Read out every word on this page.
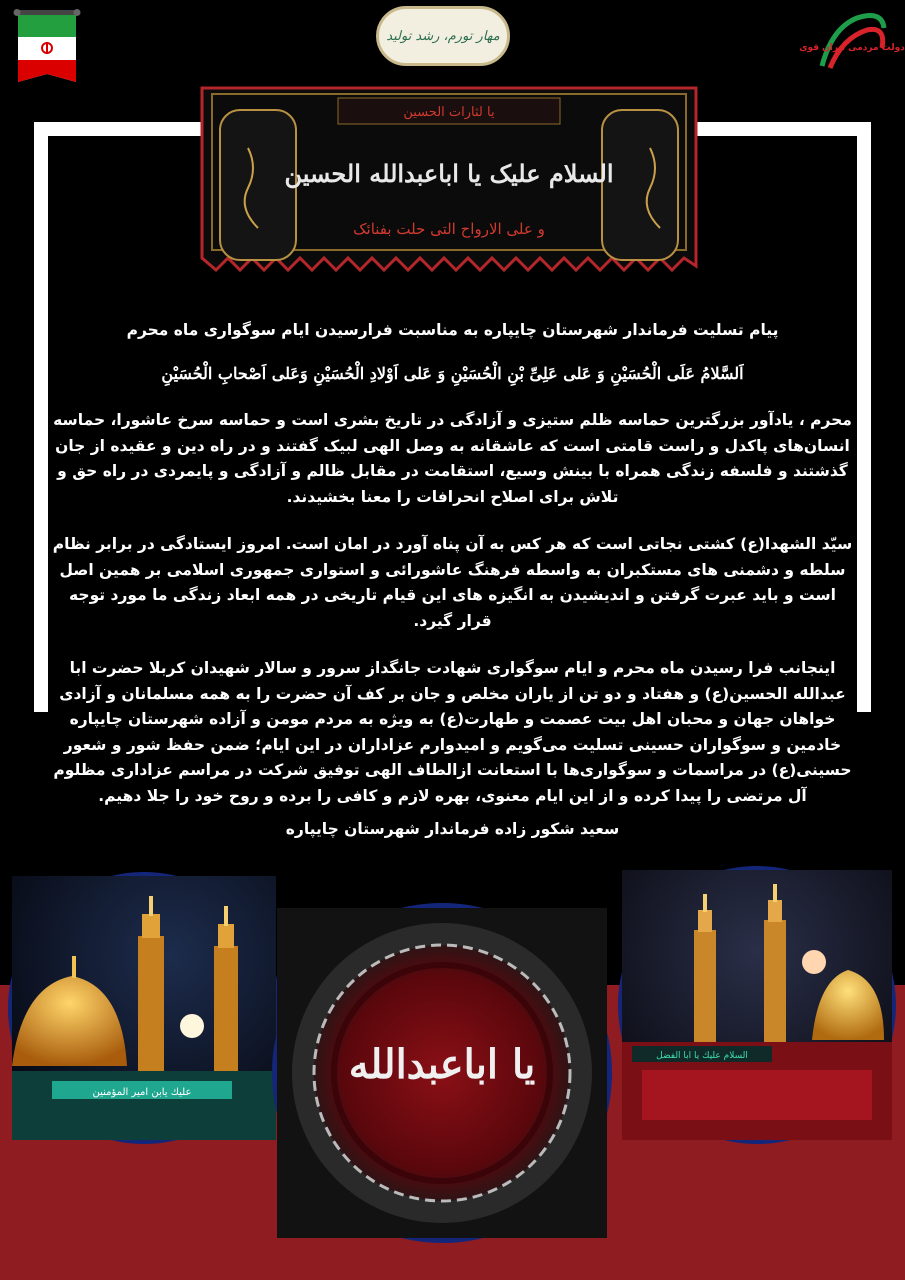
مهار تورم، رشد تولید
دولت مردمی ایران قوی
یا لثارات الحسین
السلام علیک یا اباعبدالله الحسین
و علی الارواح التی حلت بفنائک

پیام تسلیت فرماندار شهرستان چایپاره به مناسبت فرارسیدن ایام سوگواری ماه محرم

اَلسَّلامُ عَلَی الْحُسَیْنِ وَ عَلی عَلِیِّ بْنِ الْحُسَیْنِ وَ عَلی اَوْلادِ الْحُسَیْنِ وَعَلی اَصْحابِ الْحُسَیْنِ

محرم ، یادآور بزرگترین حماسه ظلم ستیزی و آزادگی در تاریخ بشری است و حماسه سرخ عاشورا، حماسه انسان‌های پاکدل و راست قامتی است که عاشقانه به وصل الهی لبیک گفتند و در راه دین و عقیده از جان گذشتند و فلسفه زندگی همراه با بینش وسیع، استقامت در مقابل ظالم و آزادگی و پایمردی در راه حق و تلاش برای اصلاح انحرافات را معنا بخشیدند.

سیّد الشهدا(ع) کشتی نجاتی است که هر کس به آن پناه آورد در امان است. امروز ایستادگی در برابر نظام سلطه و دشمنی های مستکبران به واسطه فرهنگ عاشورائی و استواری جمهوری اسلامی بر همین اصل است و باید عبرت گرفتن و اندیشیدن به انگیزه های این قیام تاریخی در همه ابعاد زندگی ما مورد توجه قرار گیرد.

اینجانب فرا رسیدن ماه محرم و ایام سوگواری شهادت جانگداز سرور و سالار شهیدان کربلا حضرت ابا عبدالله الحسین(ع) و هفتاد و دو تن از یاران مخلص و جان بر کف آن حضرت را به همه مسلمانان و آزادی خواهان جهان و محبان اهل بیت عصمت و طهارت(ع) به ویژه به مردم مومن و آزاده شهرستان چایپاره خادمین و سوگواران حسینی تسلیت می‌گویم و امیدوارم عزاداران در این ایام؛ ضمن حفظ شور و شعور حسینی(ع) در مراسمات و سوگواری‌ها با استعانت ازالطاف الهی توفیق شرکت در مراسم عزاداری مظلوم آل مرتضی را پیدا کرده و از این ایام معنوی، بهره لازم و کافی را برده و روح خود را جلا دهیم.

سعید شکور زاده فرماندار شهرستان چایپاره

عليك يابن امير المؤمنين
السلام عليك يا ابا الفضل
یا اباعبدالله
